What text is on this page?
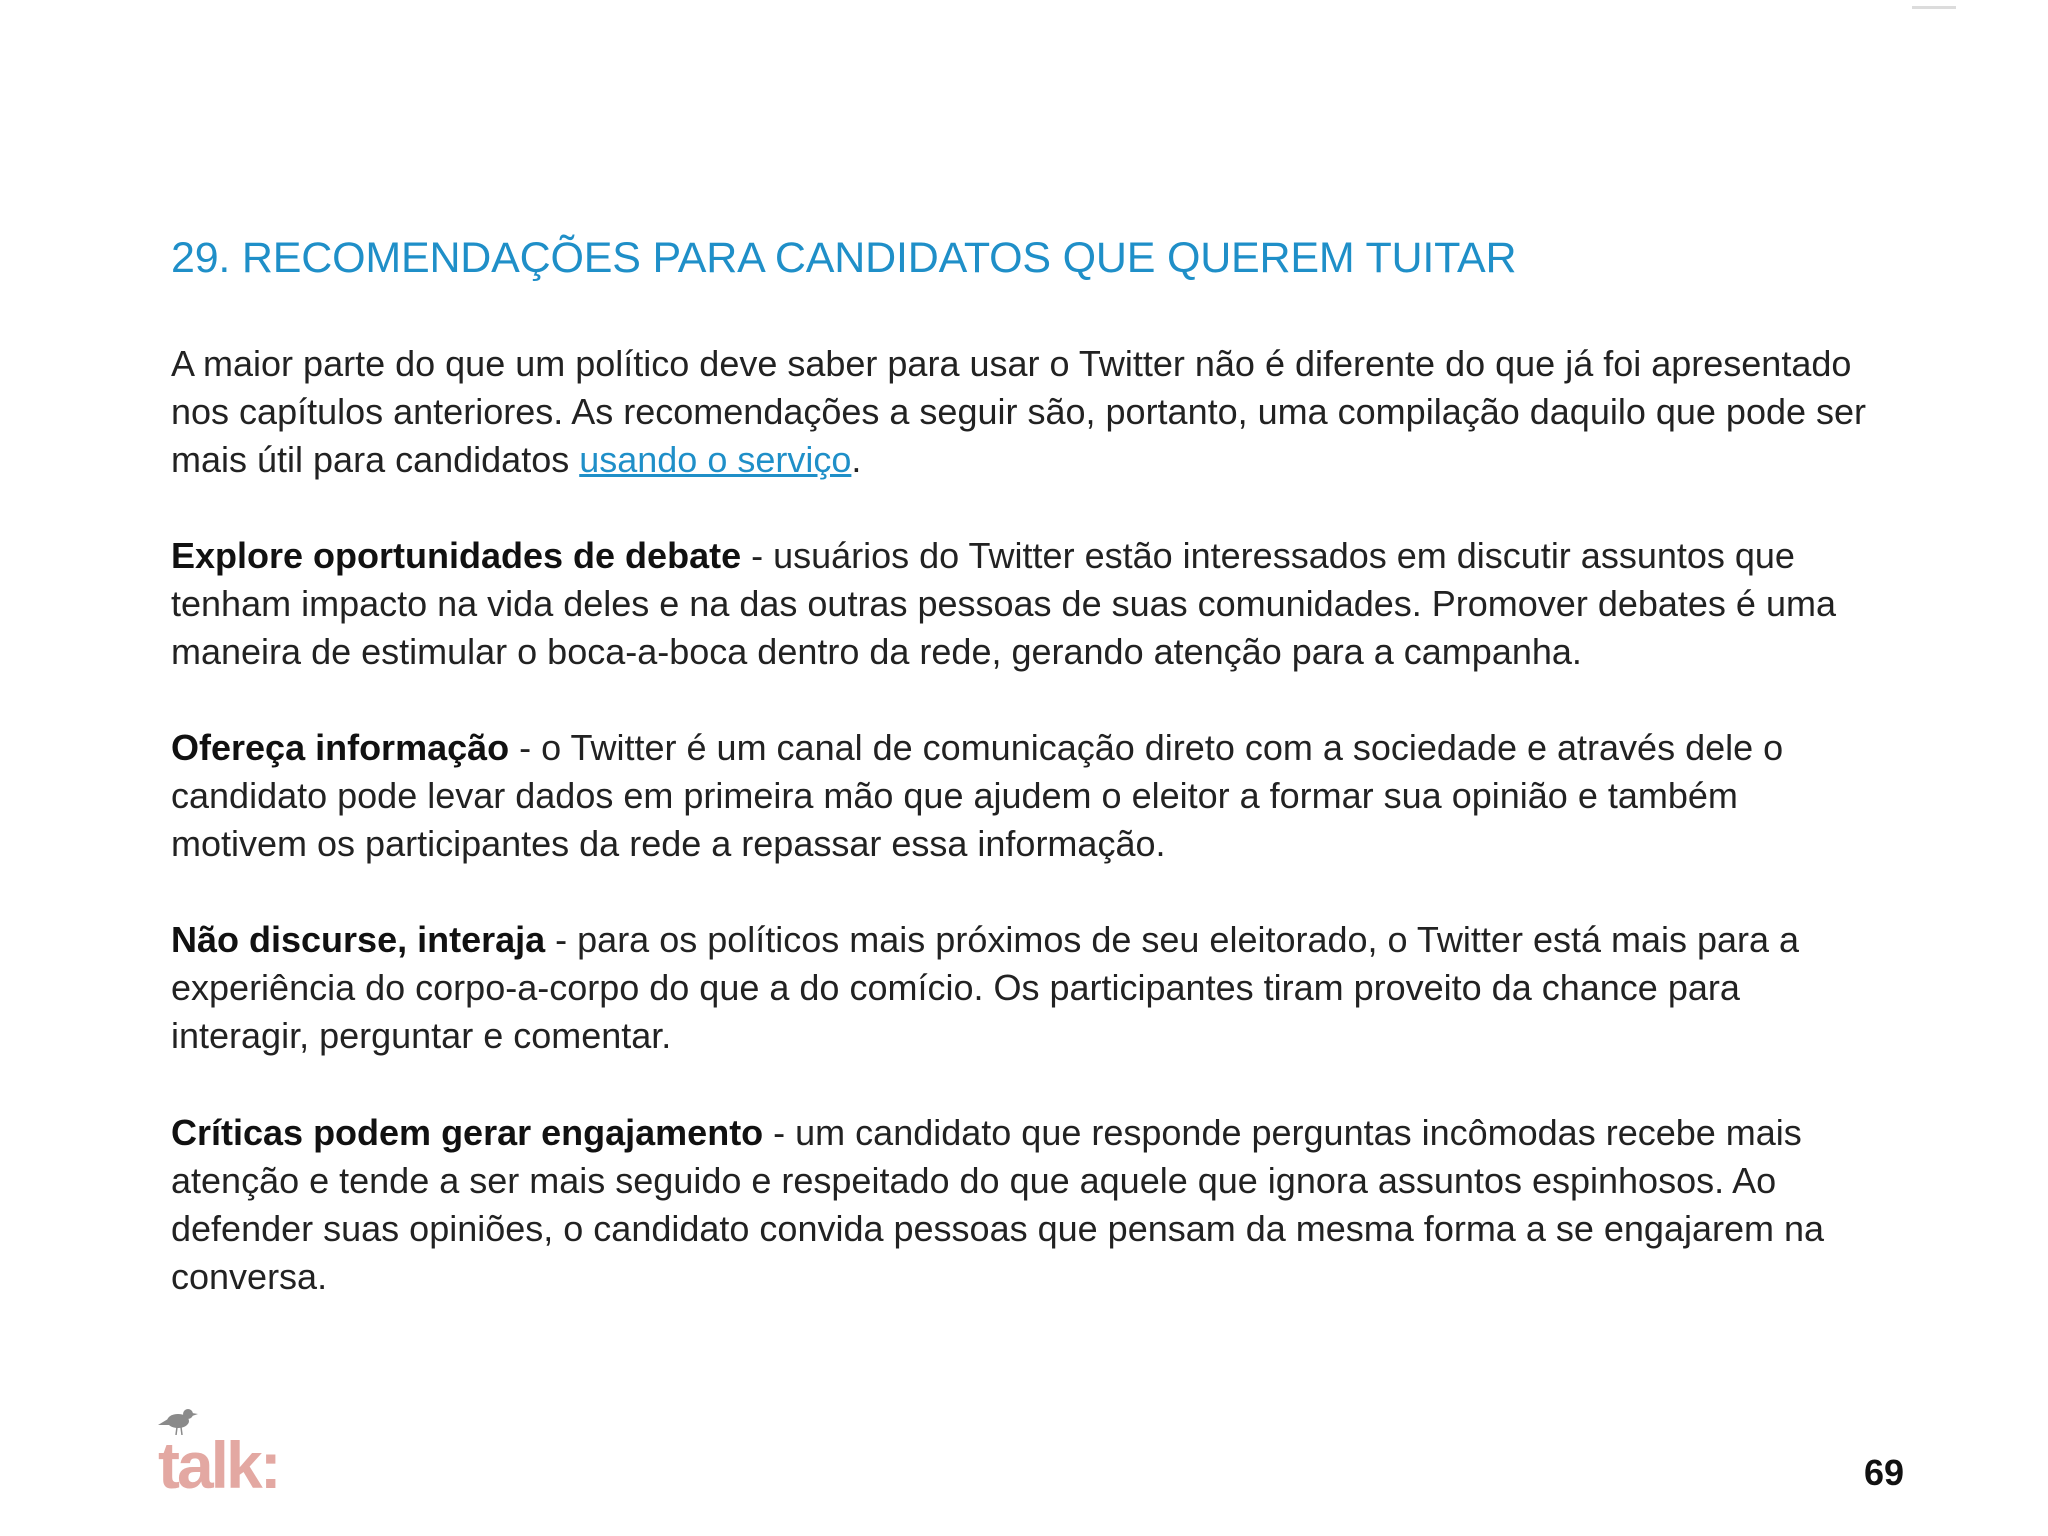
29. RECOMENDAÇÕES PARA CANDIDATOS QUE QUEREM TUITAR

A maior parte do que um político deve saber para usar o Twitter não é diferente do que já foi apresentado nos capítulos anteriores. As recomendações a seguir são, portanto, uma compilação daquilo que pode ser mais útil para candidatos usando o serviço.

Explore oportunidades de debate - usuários do Twitter estão interessados em discutir assuntos que tenham impacto na vida deles e na das outras pessoas de suas comunidades. Promover debates é uma maneira de estimular o boca-a-boca dentro da rede, gerando atenção para a campanha.

Ofereça informação - o Twitter é um canal de comunicação direto com a sociedade e através dele o candidato pode levar dados em primeira mão que ajudem o eleitor a formar sua opinião e também motivem os participantes da rede a repassar essa informação.

Não discurse, interaja - para os políticos mais próximos de seu eleitorado, o Twitter está mais para a experiência do corpo-a-corpo do que a do comício. Os participantes tiram proveito da chance para interagir, perguntar e comentar.

Críticas podem gerar engajamento - um candidato que responde perguntas incômodas recebe mais atenção e tende a ser mais seguido e respeitado do que aquele que ignora assuntos espinhosos. Ao defender suas opiniões, o candidato convida pessoas que pensam da mesma forma a se engajarem na conversa.

talk:	69
